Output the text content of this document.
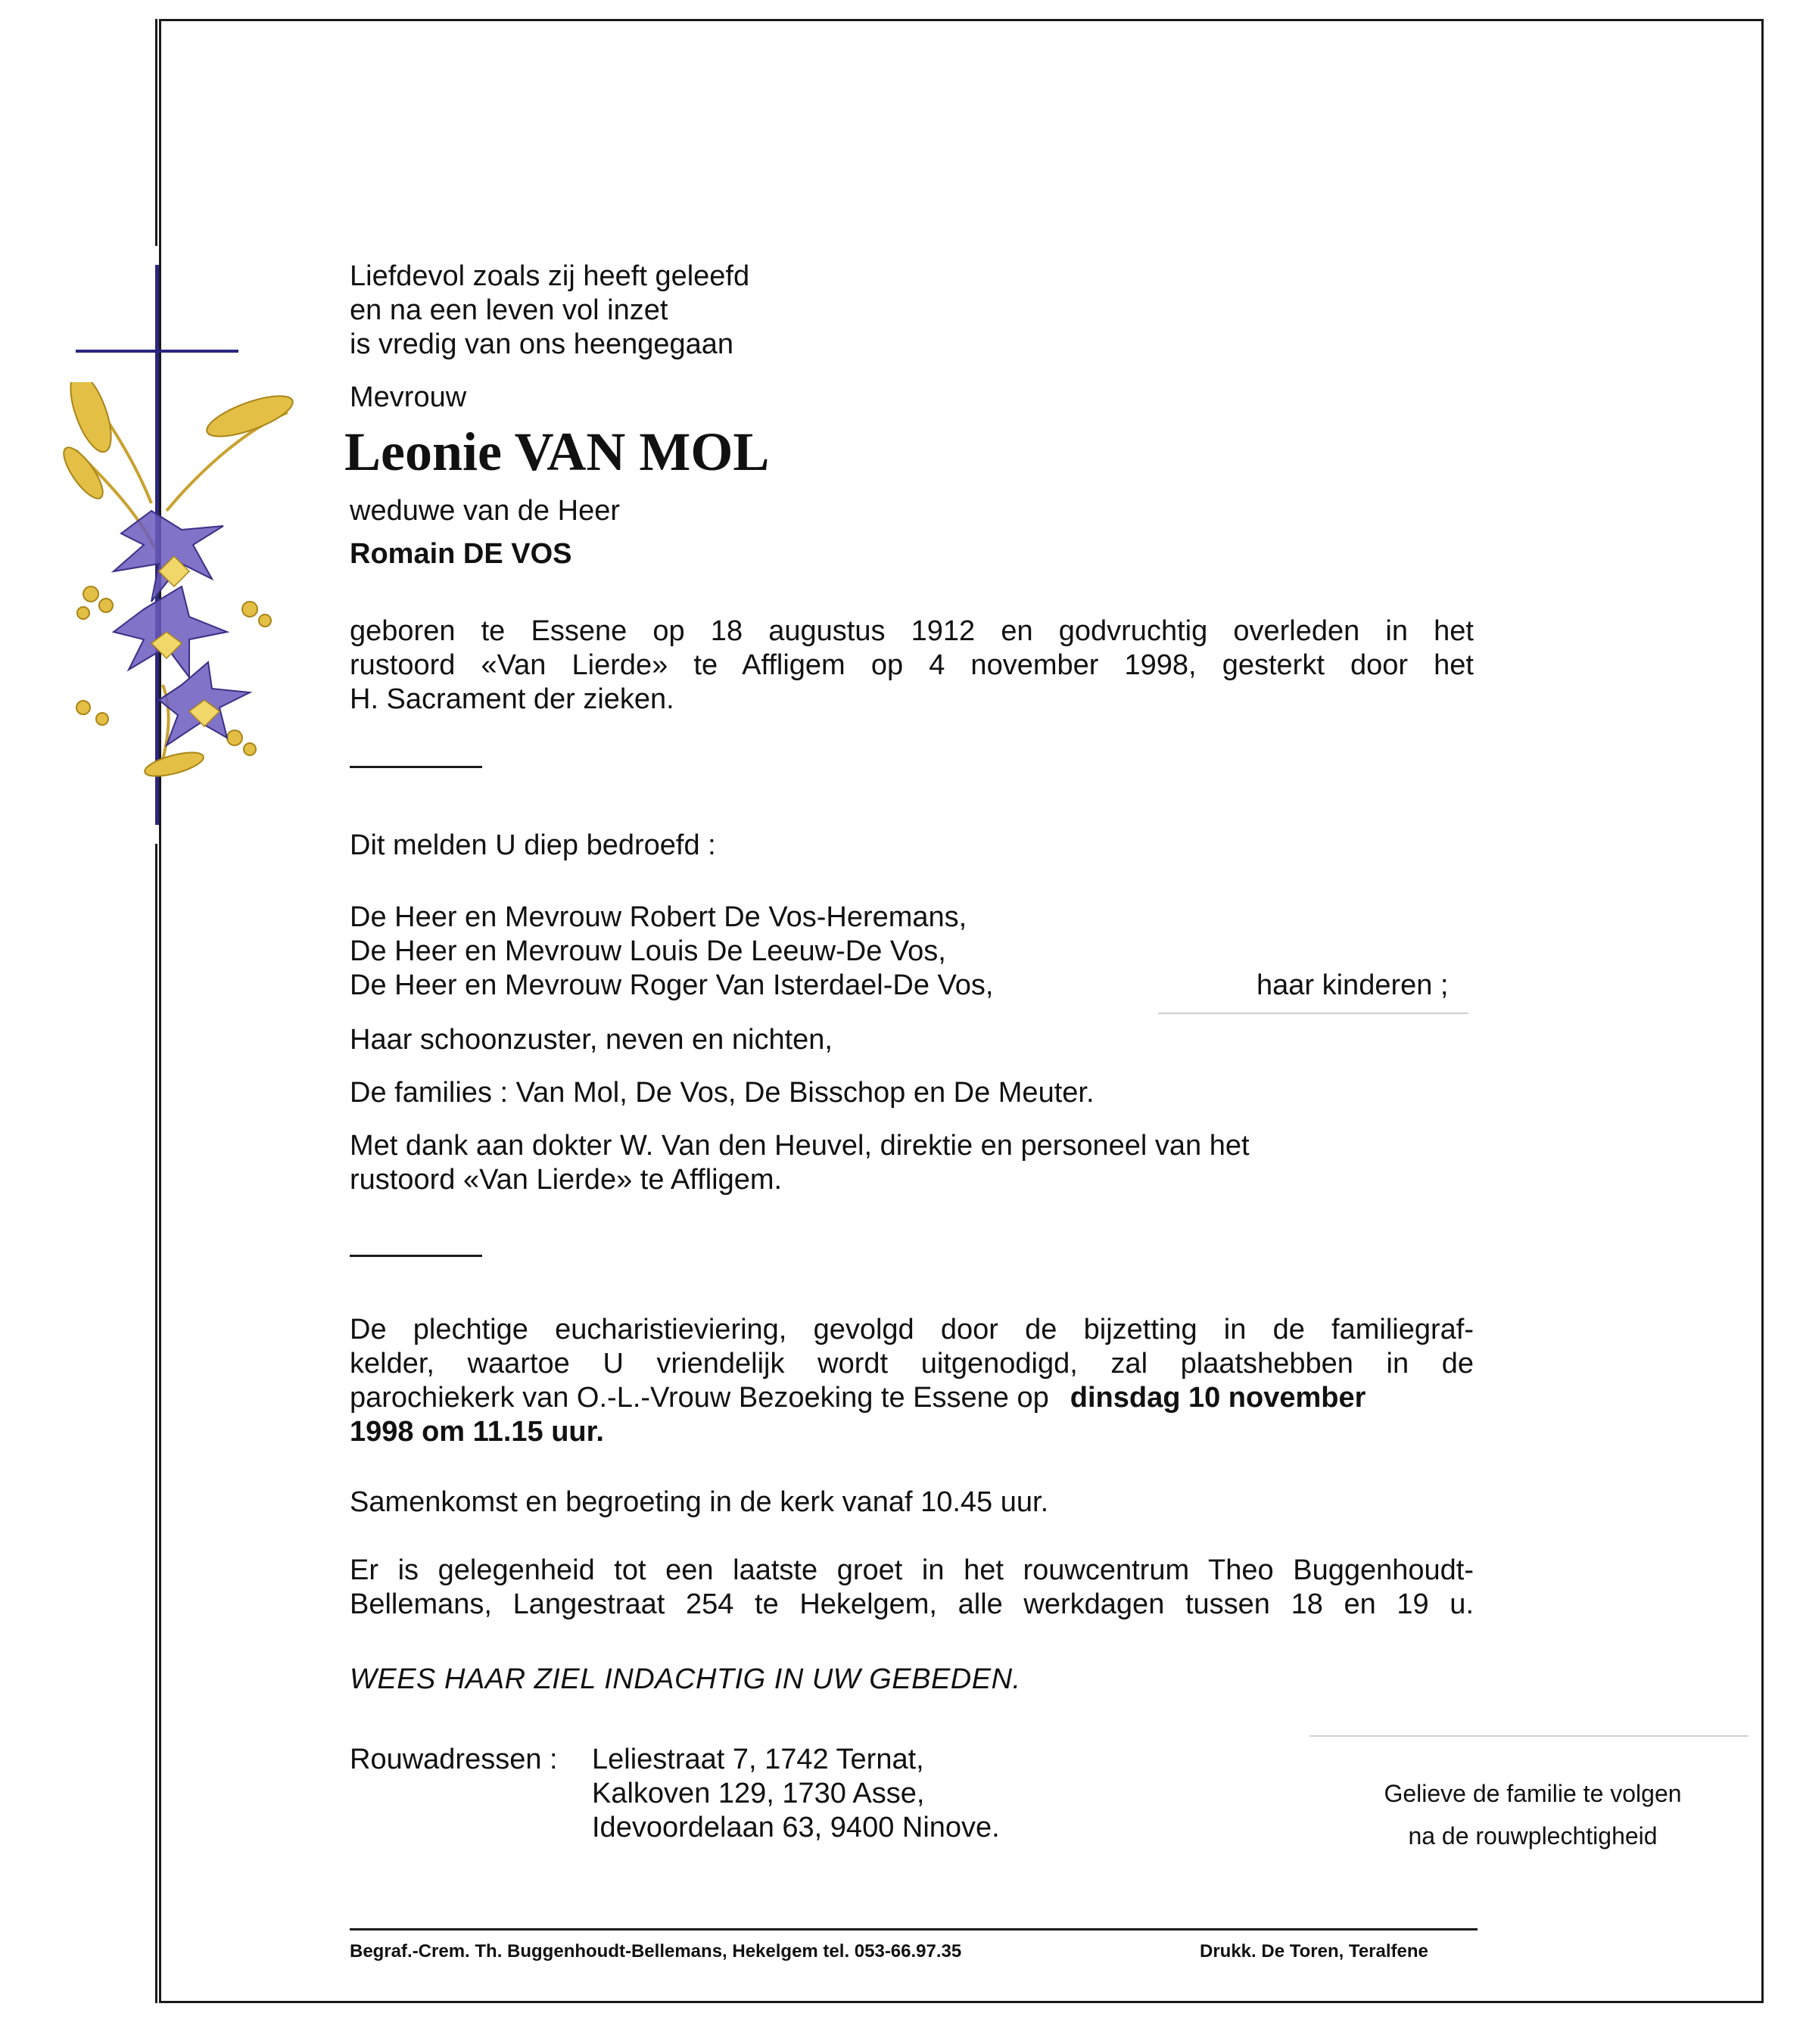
Liefdevol zoals zij heeft geleefd

en na een leven vol inzet

is vredig van ons heengegaan

Mevrouw

Leonie VAN MOL

weduwe van de Heer

Romain DE VOS

geboren te Essene op 18 augustus 1912 en godvruchtig overleden in het

rustoord «Van Lierde» te Affligem op 4 november 1998, gesterkt door het

H. Sacrament der zieken.

Dit melden U diep bedroefd :

De Heer en Mevrouw Robert De Vos-Heremans,

De Heer en Mevrouw Louis De Leeuw-De Vos,

De Heer en Mevrouw Roger Van Isterdael-De Vos,	haar kinderen ;

Haar schoonzuster, neven en nichten,

De families : Van Mol, De Vos, De Bisschop en De Meuter.

Met dank aan dokter W. Van den Heuvel, direktie en personeel van het

rustoord «Van Lierde» te Affligem.

De plechtige eucharistieviering, gevolgd door de bijzetting in de familiegraf-

kelder, waartoe U vriendelijk wordt uitgenodigd, zal plaatshebben in de

parochiekerk van O.-L.-Vrouw Bezoeking te Essene op dinsdag 10 november

1998 om 11.15 uur.

Samenkomst en begroeting in de kerk vanaf 10.45 uur.

Er is gelegenheid tot een laatste groet in het rouwcentrum Theo Buggenhoudt-

Bellemans, Langestraat 254 te Hekelgem, alle werkdagen tussen 18 en 19 u.

WEES HAAR ZIEL INDACHTIG IN UW GEBEDEN.

Rouwadressen : Leliestraat 7, 1742 Ternat,

Kalkoven 129, 1730 Asse,

Idevoordelaan 63, 9400 Ninove.

Gelieve de familie te volgen

na de rouwplechtigheid

Begraf.-Crem. Th. Buggenhoudt-Bellemans, Hekelgem tel. 053-66.97.35	Drukk. De Toren, Teralfene
